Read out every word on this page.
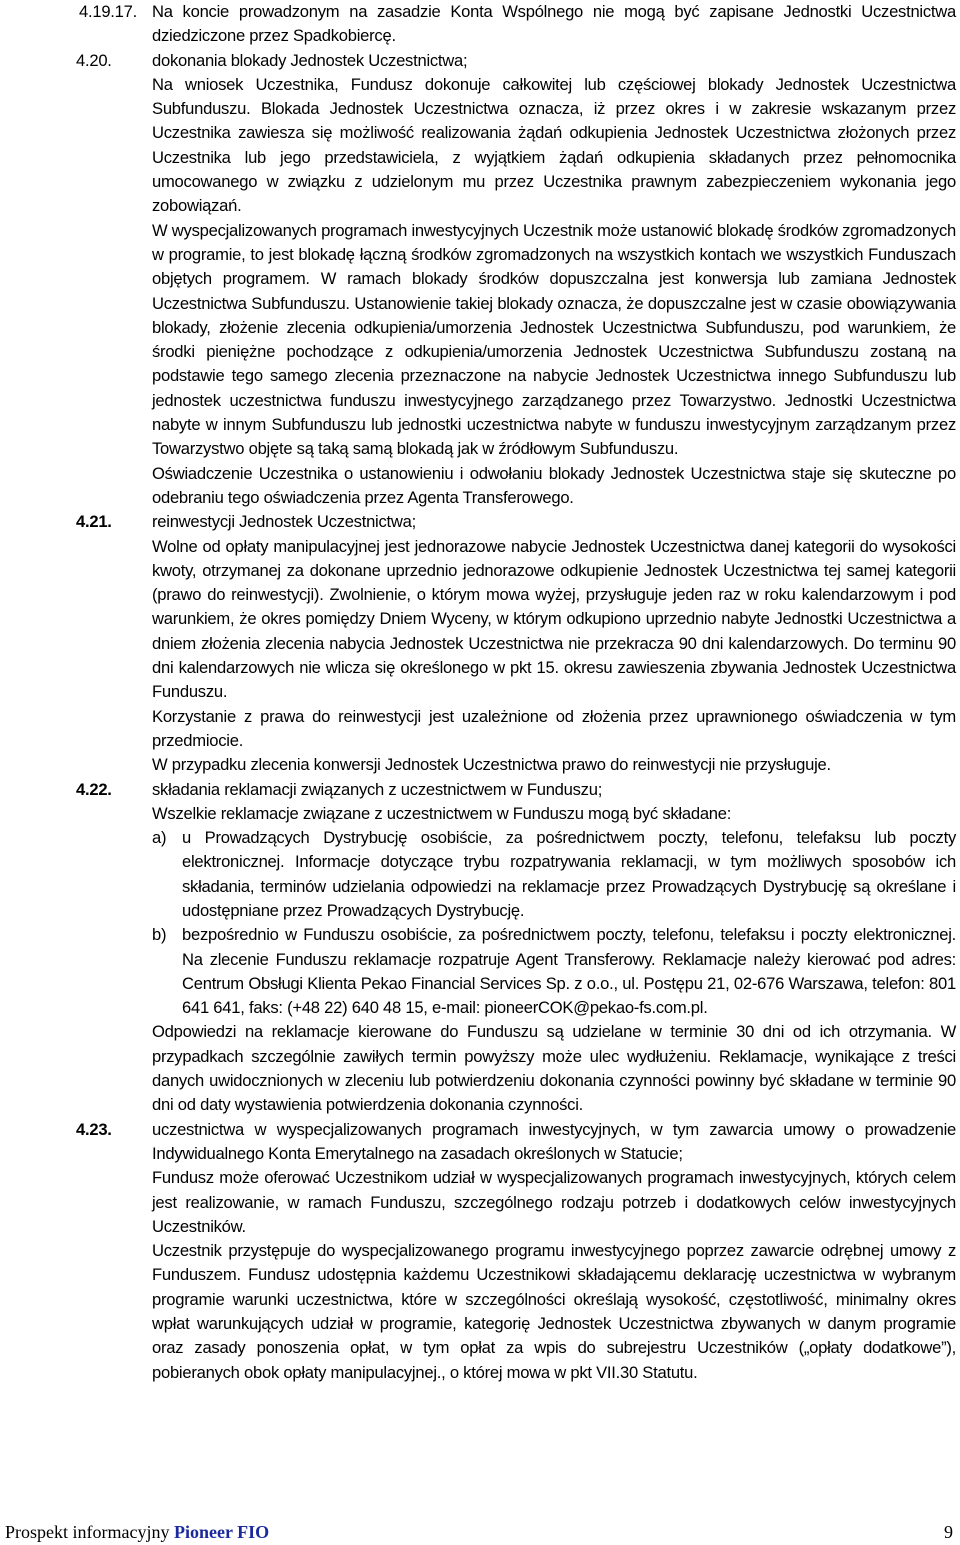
4.19.17. Na koncie prowadzonym na zasadzie Konta Wspólnego nie mogą być zapisane Jednostki Uczestnictwa dziedziczone przez Spadkobiercę.

4.20.	dokonania blokady Jednostek Uczestnictwa;

Na wniosek Uczestnika, Fundusz dokonuje całkowitej lub częściowej blokady Jednostek Uczestnictwa Subfunduszu. Blokada Jednostek Uczestnictwa oznacza, iż przez okres i w zakresie wskazanym przez Uczestnika zawiesza się możliwość realizowania żądań odkupienia Jednostek Uczestnictwa złożonych przez Uczestnika lub jego przedstawiciela, z wyjątkiem żądań odkupienia składanych przez pełnomocnika umocowanego w związku z udzielonym mu przez Uczestnika prawnym zabezpieczeniem wykonania jego zobowiązań.

W wyspecjalizowanych programach inwestycyjnych Uczestnik może ustanowić blokadę środków zgromadzonych w programie, to jest blokadę łączną środków zgromadzonych na wszystkich kontach we wszystkich Funduszach objętych programem. W ramach blokady środków dopuszczalna jest konwersja lub zamiana Jednostek Uczestnictwa Subfunduszu. Ustanowienie takiej blokady oznacza, że dopuszczalne jest w czasie obowiązywania blokady, złożenie zlecenia odkupienia/umorzenia Jednostek Uczestnictwa Subfunduszu, pod warunkiem, że środki pieniężne pochodzące z odkupienia/umorzenia Jednostek Uczestnictwa Subfunduszu zostaną na podstawie tego samego zlecenia przeznaczone na nabycie Jednostek Uczestnictwa innego Subfunduszu lub jednostek uczestnictwa funduszu inwestycyjnego zarządzanego przez Towarzystwo. Jednostki Uczestnictwa nabyte w innym Subfunduszu lub jednostki uczestnictwa nabyte w funduszu inwestycyjnym zarządzanym przez Towarzystwo objęte są taką samą blokadą jak w źródłowym Subfunduszu.

Oświadczenie Uczestnika o ustanowieniu i odwołaniu blokady Jednostek Uczestnictwa staje się skuteczne po odebraniu tego oświadczenia przez Agenta Transferowego.

4.21.	reinwestycji Jednostek Uczestnictwa;

Wolne od opłaty manipulacyjnej jest jednorazowe nabycie Jednostek Uczestnictwa danej kategorii do wysokości kwoty, otrzymanej za dokonane uprzednio jednorazowe odkupienie Jednostek Uczestnictwa tej samej kategorii (prawo do reinwestycji). Zwolnienie, o którym mowa wyżej, przysługuje jeden raz w roku kalendarzowym i pod warunkiem, że okres pomiędzy Dniem Wyceny, w którym odkupiono uprzednio nabyte Jednostki Uczestnictwa a dniem złożenia zlecenia nabycia Jednostek Uczestnictwa nie przekracza 90 dni kalendarzowych. Do terminu 90 dni kalendarzowych nie wlicza się określonego w pkt 15. okresu zawieszenia zbywania Jednostek Uczestnictwa Funduszu.

Korzystanie z prawa do reinwestycji jest uzależnione od złożenia przez uprawnionego oświadczenia w tym przedmiocie.

W przypadku zlecenia konwersji Jednostek Uczestnictwa prawo do reinwestycji nie przysługuje.

4.22.	składania reklamacji związanych z uczestnictwem w Funduszu;

Wszelkie reklamacje związane z uczestnictwem w Funduszu mogą być składane:

a) u Prowadzących Dystrybucję osobiście, za pośrednictwem poczty, telefonu, telefaksu lub poczty elektronicznej. Informacje dotyczące trybu rozpatrywania reklamacji, w tym możliwych sposobów ich składania, terminów udzielania odpowiedzi na reklamacje przez Prowadzących Dystrybucję są określane i udostępniane przez Prowadzących Dystrybucję.

b) bezpośrednio w Funduszu osobiście, za pośrednictwem poczty, telefonu, telefaksu i poczty elektronicznej. Na zlecenie Funduszu reklamacje rozpatruje Agent Transferowy. Reklamacje należy kierować pod adres: Centrum Obsługi Klienta Pekao Financial Services Sp. z o.o., ul. Postępu 21, 02-676 Warszawa, telefon: 801 641 641, faks: (+48 22) 640 48 15, e-mail: pioneerCOK@pekao-fs.com.pl.

Odpowiedzi na reklamacje kierowane do Funduszu są udzielane w terminie 30 dni od ich otrzymania. W przypadkach szczególnie zawiłych termin powyższy może ulec wydłużeniu. Reklamacje, wynikające z treści danych uwidocznionych w zleceniu lub potwierdzeniu dokonania czynności powinny być składane w terminie 90 dni od daty wystawienia potwierdzenia dokonania czynności.

4.23.	uczestnictwa w wyspecjalizowanych programach inwestycyjnych, w tym zawarcia umowy o prowadzenie Indywidualnego Konta Emerytalnego na zasadach określonych w Statucie;

Fundusz może oferować Uczestnikom udział w wyspecjalizowanych programach inwestycyjnych, których celem jest realizowanie, w ramach Funduszu, szczególnego rodzaju potrzeb i dodatkowych celów inwestycyjnych Uczestników.

Uczestnik przystępuje do wyspecjalizowanego programu inwestycyjnego poprzez zawarcie odrębnej umowy z Funduszem. Fundusz udostępnia każdemu Uczestnikowi składającemu deklarację uczestnictwa w wybranym programie warunki uczestnictwa, które w szczególności określają wysokość, częstotliwość, minimalny okres wpłat warunkujących udział w programie, kategorię Jednostek Uczestnictwa zbywanych w danym programie oraz zasady ponoszenia opłat, w tym opłat za wpis do subrejestru Uczestników („opłaty dodatkowe”), pobieranych obok opłaty manipulacyjnej., o której mowa w pkt VII.30 Statutu.

Prospekt informacyjny Pioneer FIO	9
